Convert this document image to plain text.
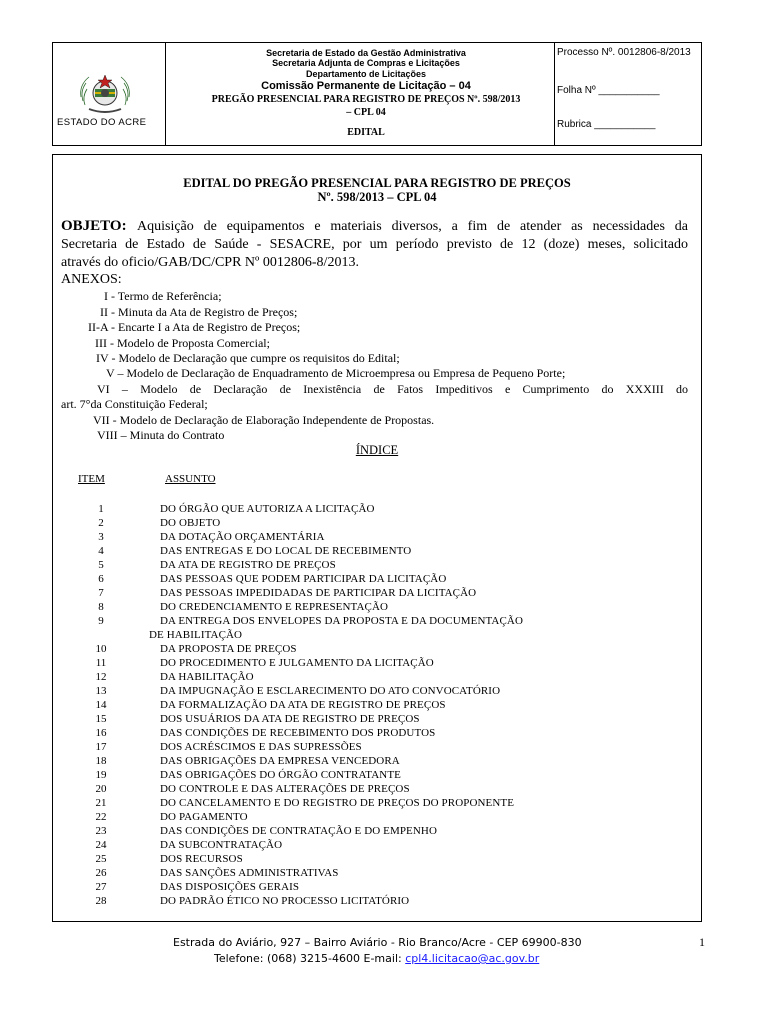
ESTADO DO ACRE
Secretaria de Estado da Gestão Administrativa
Secretaria Adjunta de Compras e Licitações
Departamento de Licitações
Comissão Permanente de Licitação – 04
PREGÃO PRESENCIAL PARA REGISTRO DE PREÇOS Nº. 598/2013
– CPL 04
EDITAL
Processo Nº. 0012806-8/2013
Folha Nº ___________
Rubrica ___________
EDITAL DO PREGÃO PRESENCIAL PARA REGISTRO DE PREÇOS
Nº. 598/2013 – CPL 04
OBJETO: Aquisição de equipamentos e materiais diversos, a fim de atender as necessidades da
Secretaria de Estado de Saúde - SESACRE, por um período previsto de 12 (doze) meses, solicitado
através do oficio/GAB/DC/CPR Nº 0012806-8/2013.
ANEXOS:
I - Termo de Referência;
II - Minuta da Ata de Registro de Preços;
II-A - Encarte I a Ata de Registro de Preços;
III - Modelo de Proposta Comercial;
IV - Modelo de Declaração que cumpre os requisitos do Edital;
V – Modelo de Declaração de Enquadramento de Microempresa ou Empresa de Pequeno Porte;
VI – Modelo de Declaração de Inexistência de Fatos Impeditivos e Cumprimento do XXXIII do
art. 7°da Constituição Federal;
VII - Modelo de Declaração de Elaboração Independente de Propostas.
VIII – Minuta do Contrato
ÍNDICE
ITEM	ASSUNTO
1	DO ÓRGÃO QUE AUTORIZA A LICITAÇÃO
2	DO OBJETO
3	DA DOTAÇÃO ORÇAMENTÁRIA
4	DAS ENTREGAS E DO LOCAL DE RECEBIMENTO
5	DA ATA DE REGISTRO DE PREÇOS
6	DAS PESSOAS QUE PODEM PARTICIPAR DA LICITAÇÃO
7	DAS PESSOAS IMPEDIDADAS DE PARTICIPAR DA LICITAÇÃO
8	DO CREDENCIAMENTO E REPRESENTAÇÃO
9	DA ENTREGA DOS ENVELOPES DA PROPOSTA E DA DOCUMENTAÇÃO
DE HABILITAÇÃO
10	DA PROPOSTA DE PREÇOS
11	DO PROCEDIMENTO E JULGAMENTO DA LICITAÇÃO
12	DA HABILITAÇÃO
13	DA IMPUGNAÇÃO E ESCLARECIMENTO DO ATO CONVOCATÓRIO
14	DA FORMALIZAÇÃO DA ATA DE REGISTRO DE PREÇOS
15	DOS USUÁRIOS DA ATA DE REGISTRO DE PREÇOS
16	DAS CONDIÇÕES DE RECEBIMENTO DOS PRODUTOS
17	DOS ACRÉSCIMOS E DAS SUPRESSÕES
18	DAS OBRIGAÇÕES DA EMPRESA VENCEDORA
19	DAS OBRIGAÇÕES DO ÓRGÃO CONTRATANTE
20	DO CONTROLE E DAS ALTERAÇÕES DE PREÇOS
21	DO CANCELAMENTO E DO REGISTRO DE PREÇOS DO PROPONENTE
22	DO PAGAMENTO
23	DAS CONDIÇÕES DE CONTRATAÇÃO E DO EMPENHO
24	DA SUBCONTRATAÇÃO
25	DOS RECURSOS
26	DAS SANÇÕES ADMINISTRATIVAS
27	DAS DISPOSIÇÕES GERAIS
28	DO PADRÃO ÉTICO NO PROCESSO LICITATÓRIO
Estrada do Aviário, 927 – Bairro Aviário - Rio Branco/Acre - CEP 69900-830
Telefone: (068) 3215-4600 E-mail: cpl4.licitacao@ac.gov.br
1
